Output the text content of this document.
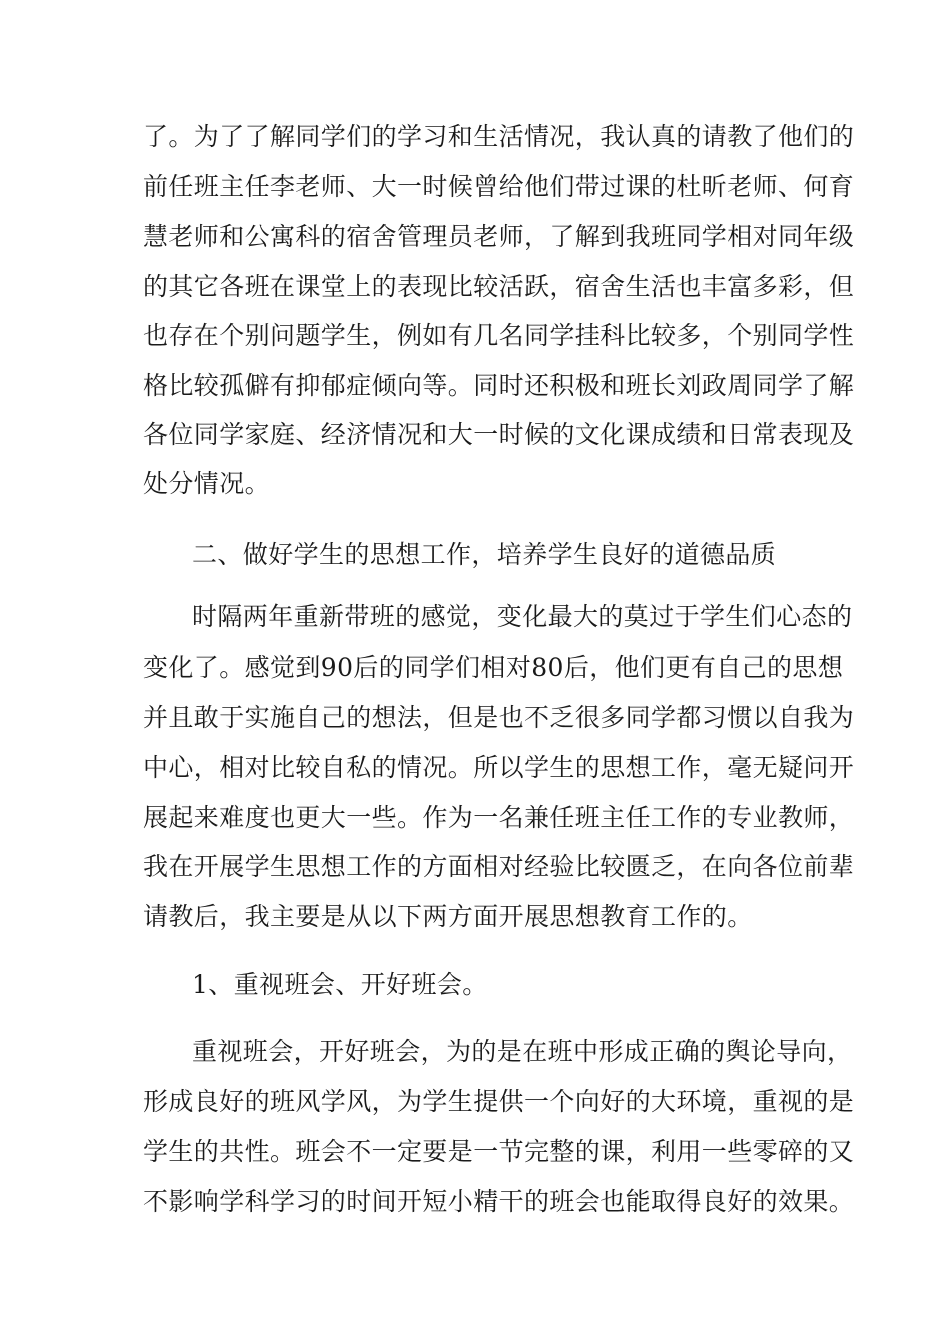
了。为了了解同学们的学习和生活情况，我认真的请教了他们的
前任班主任李老师、大一时候曾给他们带过课的杜昕老师、何育
慧老师和公寓科的宿舍管理员老师，了解到我班同学相对同年级
的其它各班在课堂上的表现比较活跃，宿舍生活也丰富多彩，但
也存在个别问题学生，例如有几名同学挂科比较多，个别同学性
格比较孤僻有抑郁症倾向等。同时还积极和班长刘政周同学了解
各位同学家庭、经济情况和大一时候的文化课成绩和日常表现及
处分情况。
二、做好学生的思想工作，培养学生良好的道德品质
时隔两年重新带班的感觉，变化最大的莫过于学生们心态的
变化了。感觉到90后的同学们相对80后，他们更有自己的思想
并且敢于实施自己的想法，但是也不乏很多同学都习惯以自我为
中心，相对比较自私的情况。所以学生的思想工作，毫无疑问开
展起来难度也更大一些。作为一名兼任班主任工作的专业教师，
我在开展学生思想工作的方面相对经验比较匮乏，在向各位前辈
请教后，我主要是从以下两方面开展思想教育工作的。
1、重视班会、开好班会。
重视班会，开好班会，为的是在班中形成正确的舆论导向，
形成良好的班风学风，为学生提供一个向好的大环境，重视的是
学生的共性。班会不一定要是一节完整的课，利用一些零碎的又
不影响学科学习的时间开短小精干的班会也能取得良好的效果。
